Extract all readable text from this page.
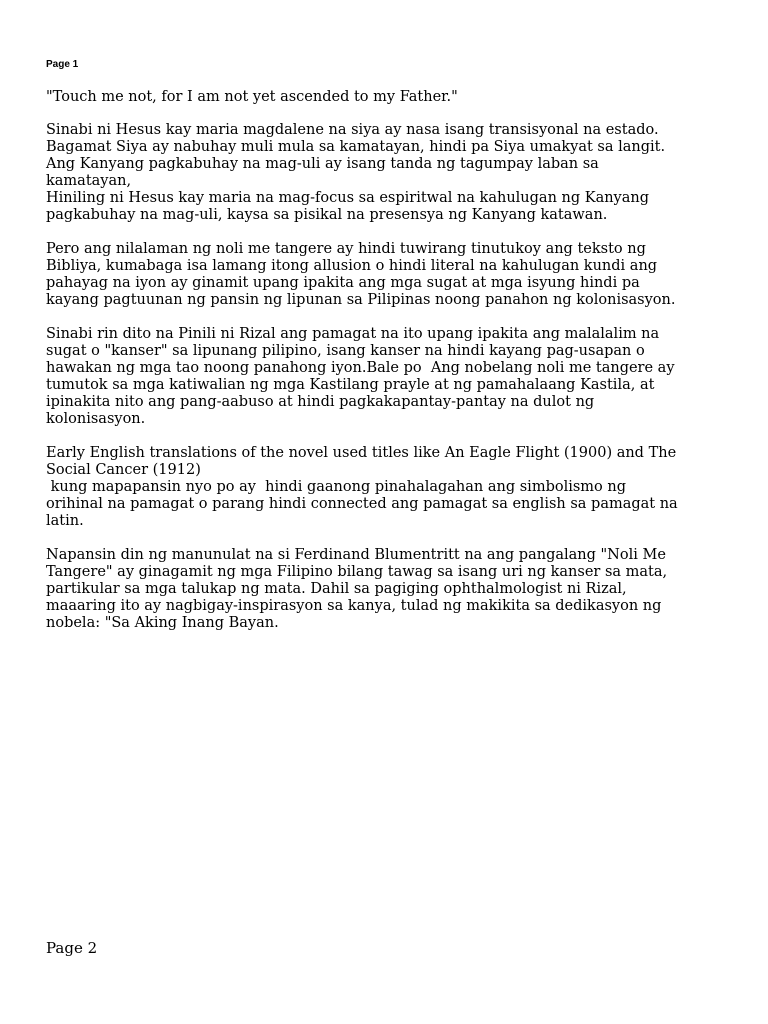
Page 1
"Touch me not, for I am not yet ascended to my Father."
Sinabi ni Hesus kay maria magdalene na siya ay nasa isang transisyonal na estado.
Bagamat Siya ay nabuhay muli mula sa kamatayan, hindi pa Siya umakyat sa langit.
Ang Kanyang pagkabuhay na mag-uli ay isang tanda ng tagumpay laban sa
kamatayan,
Hiniling ni Hesus kay maria na mag-focus sa espiritwal na kahulugan ng Kanyang
pagkabuhay na mag-uli, kaysa sa pisikal na presensya ng Kanyang katawan.
Pero ang nilalaman ng noli me tangere ay hindi tuwirang tinutukoy ang teksto ng
Bibliya, kumabaga isa lamang itong allusion o hindi literal na kahulugan kundi ang
pahayag na iyon ay ginamit upang ipakita ang mga sugat at mga isyung hindi pa
kayang pagtuunan ng pansin ng lipunan sa Pilipinas noong panahon ng kolonisasyon.
Sinabi rin dito na Pinili ni Rizal ang pamagat na ito upang ipakita ang malalalim na
sugat o "kanser" sa lipunang pilipino, isang kanser na hindi kayang pag-usapan o
hawakan ng mga tao noong panahong iyon.Bale po  Ang nobelang noli me tangere ay
tumutok sa mga katiwalian ng mga Kastilang prayle at ng pamahalaang Kastila, at
ipinakita nito ang pang-aabuso at hindi pagkakapantay-pantay na dulot ng
kolonisasyon.
Early English translations of the novel used titles like An Eagle Flight (1900) and The
Social Cancer (1912)
kung mapapansin nyo po ay  hindi gaanong pinahalagahan ang simbolismo ng
orihinal na pamagat o parang hindi connected ang pamagat sa english sa pamagat na
latin.
Napansin din ng manunulat na si Ferdinand Blumentritt na ang pangalang "Noli Me
Tangere" ay ginagamit ng mga Filipino bilang tawag sa isang uri ng kanser sa mata,
partikular sa mga talukap ng mata. Dahil sa pagiging ophthalmologist ni Rizal,
maaaring ito ay nagbigay-inspirasyon sa kanya, tulad ng makikita sa dedikasyon ng
nobela: "Sa Aking Inang Bayan.
Page 2
